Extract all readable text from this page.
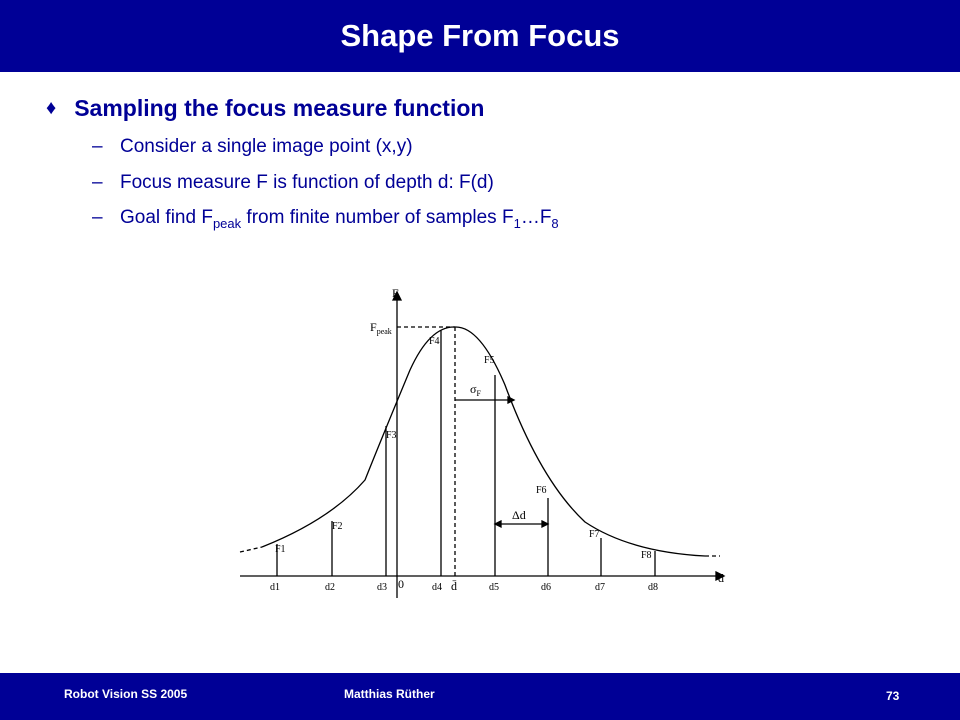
Shape From Focus
♦ Sampling the focus measure function
– Consider a single image point (x,y)
– Focus measure F is function of depth d: F(d)
– Goal find $F_{peak}$ from finite number of samples $F_1\dots F_8$
F
d
0
$F_{peak}$
$\sigma_F$
Δd
d̄
F1
F2
F3
F4
F5
F6
F7
F8
d1	d2	d3	d4	d5	d6	d7	d8
Robot Vision SS 2005	Matthias Rüther	73
